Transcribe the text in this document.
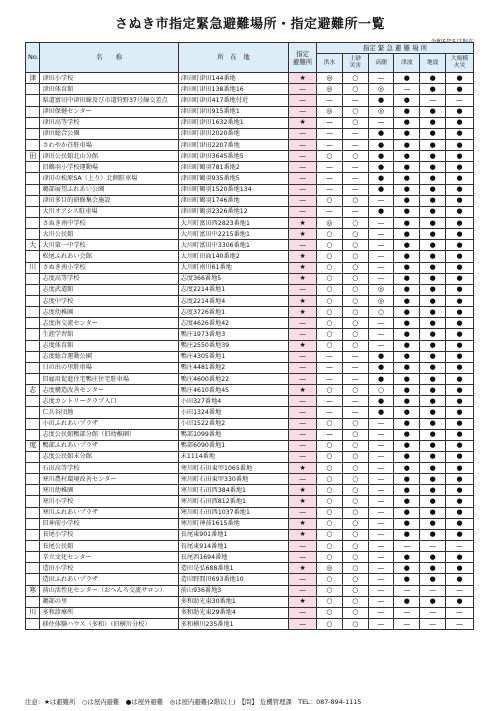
さぬき市指定緊急避難場所・指定避難所一覧
No.	名　　称	所　在　地	指定
避難所	指定 緊 急 避 難 場 所					
				洪水	土砂
災害	高潮	津波	地震	大規模
火災
津	津田小学校	津田町津田144番地	★	◎	○	—	●	●	●
	津田体育館	津田町津田138番地16	—	◎	○	◎	—	●	●
	県道富田中津田線及び市道狩野37号線交差点	津田町津田417番地付近	—	—	—	●	●	—	—
	津田保健センター	津田町津田915番地1	—	◎	○	◎	●	●	●
	津田高等学校	津田町津田1632番地1	★	—	○	—	●	●	●
	津田総合公園	津田町津田2020番地	—	—	—	●	●	●	●
	さわやか荘駐車場	津田町津田2207番地	—	—	—	●	●	●	●
田	津田公民館北山分館	津田町津田3645番地5	—	○	○	●	●	●	●
	旧鶴羽小学校運動場	津田町鶴羽781番地2	—	—	—	●	●	●	●
	津田の松原SA（上り）北側駐車場	津田町鶴羽935番地5	—	—	—	●	●	●	●
	鵜部展望ふれあい公園	津田町鶴羽1520番地134	—	—	—	●	●	●	●
	津田多目的研修集会施設	津田町鶴羽1746番地	—	○	○	—	●	●	●
	大川オアシス駐車場	津田町鶴羽2326番地12	—	—	—	●	●	●	●
	さぬき南中学校	大川町富田西2823番地1	★	◎	○	—	●	●	●
	大川公民館	大川町富田中2215番地1	★	○	○	—	●	●	●
大	大川第一中学校	大川町富田中3306番地1	—	○	○	—	●	●	●
	松尾ふれあい会館	大川町田面140番地2	★	○	○	—	●	●	●
川	さぬき南小学校	大川町南川61番地	★	○	○	—	●	●	●
	志度高等学校	志度366番地5	★	○	○	—	●	●	●
	志度武道館	志度2214番地1	—	○	○	◎	●	●	●
	志度中学校	志度2214番地4	★	○	○	◎	●	●	●
	志度幼稚園	志度3726番地1	★	○	○	○	●	●	●
	志度南交流センター	志度4626番地42	—	○	○	—	●	●	●
	生涯学習館	鴨庄1973番地3	—	○	○	—	●	●	●
	志度体育館	鴨庄2550番地39	★	○	○	—	●	●	●
	志度総合運動公園	鴨庄4305番地1	—	—	—	●	●	●	●
	日の出の里駐車場	鴨庄4481番地2	—	—	—	●	●	●	●
	旧雇用促進住宅鴨庄住宅駐車場	鴨庄4600番地22	—	—	—	●	●	●	●
志	志度構造改善センター	鴨庄4610番地45	★	○	○	○	●	●	●
	志度カントリークラブ入口	小田327番地4	—	—	—	●	●	●	●
	仁兵谷団地	小田1324番地	—	—	—	●	●	●	●
	小田ふれあいプラザ	小田1522番地2	—	○	○	—	●	●	●
	志度公民館鴨部分館（旧幼稚園）	鴨部1099番地	—	—	○	—	●	●	●
度	鴨部ふれあいプラザ	鴨部6090番地1	—	○	○	—	●	●	●
	志度公民館末分館	末1114番地	—	○	○	—	●	●	●
	石田高等学校	寒川町石田東甲1065番地	★	○	○	—	●	●	●
	寒川農村環境改善センター	寒川町石田東甲330番地	—	○	○	—	●	●	●
	寒川幼稚園	寒川町石田西384番地1	★	○	○	—	●	●	●
	寒川小学校	寒川町石田西812番地1	★	○	○	—	●	●	●
	寒川ふれあいプラザ	寒川町石田西1037番地1	—	○	○	—	●	●	●
	旧神前小学校	寒川町神前1615番地	★	○	○	—	●	●	●
	長尾小学校	長尾東901番地1	★	○	○	—	●	●	●
	長尾公民館	長尾東914番地1	—	○	○	—	—	—	—
	辛立文化センター	長尾西1694番地	—	○	○	—	●	●	●
	造田小学校	造田是弘688番地1	★	◎	○	—	●	●	●
	造田ふれあいプラザ	造田野間田693番地10	—	○	○	—	●	●	●
寒	前山活性化センター（おへんろ交流サロン）	前山936番地3	—	○	○	—	—	—	—
	鵜部の里	多和助光東30番地1	★	○	○	—	●	●	●
川	多和診療所	多和助光東29番地4	—	○	○	—	—	—	—
	移住体験ハウス（多和）（旧横川分校）	多和横川235番地1	—	○	○	—	—	—	—
注意：★は避難所　○は屋内避難　●は屋外避難　◎は屋内避難(2階以上)　【問】 危機管理課　TEL：087-894-1115
